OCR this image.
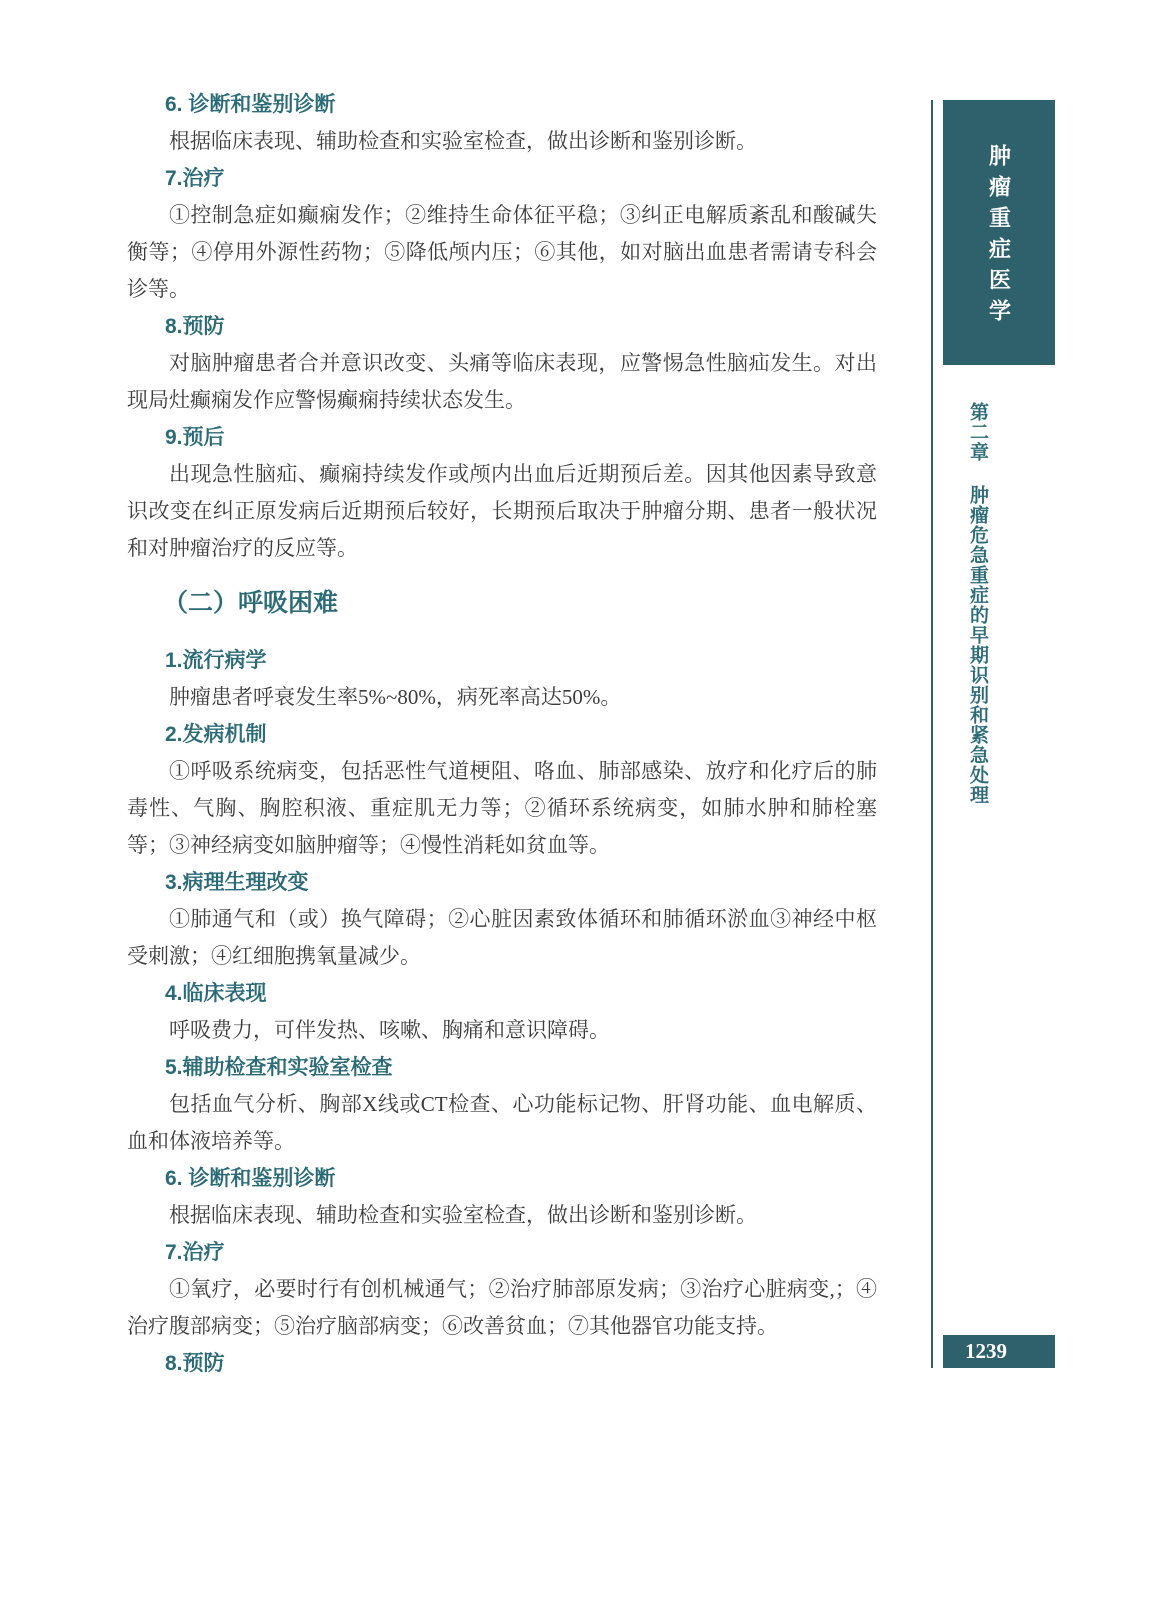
6. 诊断和鉴别诊断

根据临床表现、辅助检查和实验室检查，做出诊断和鉴别诊断。

7.治疗

①控制急症如癫痫发作；②维持生命体征平稳；③纠正电解质紊乱和酸碱失衡等；④停用外源性药物；⑤降低颅内压；⑥其他，如对脑出血患者需请专科会诊等。

8.预防

对脑肿瘤患者合并意识改变、头痛等临床表现，应警惕急性脑疝发生。对出现局灶癫痫发作应警惕癫痫持续状态发生。

9.预后

出现急性脑疝、癫痫持续发作或颅内出血后近期预后差。因其他因素导致意识改变在纠正原发病后近期预后较好，长期预后取决于肿瘤分期、患者一般状况和对肿瘤治疗的反应等。

（二）呼吸困难
1.流行病学

肿瘤患者呼衰发生率5%~80%，病死率高达50%。

2.发病机制

①呼吸系统病变，包括恶性气道梗阻、咯血、肺部感染、放疗和化疗后的肺毒性、气胸、胸腔积液、重症肌无力等；②循环系统病变，如肺水肿和肺栓塞等；③神经病变如脑肿瘤等；④慢性消耗如贫血等。

3.病理生理改变

①肺通气和（或）换气障碍；②心脏因素致体循环和肺循环淤血③神经中枢受刺激；④红细胞携氧量减少。

4.临床表现

呼吸费力，可伴发热、咳嗽、胸痛和意识障碍。

5.辅助检查和实验室检查

包括血气分析、胸部X线或CT检查、心功能标记物、肝肾功能、血电解质、血和体液培养等。

6. 诊断和鉴别诊断

根据临床表现、辅助检查和实验室检查，做出诊断和鉴别诊断。

7.治疗

①氧疗，必要时行有创机械通气；②治疗肺部原发病；③治疗心脏病变,；④治疗腹部病变；⑤治疗脑部病变；⑥改善贫血；⑦其他器官功能支持。

8.预防
肿瘤重症医学
第二章肿瘤危急重症的早期识别和紧急处理
1239
